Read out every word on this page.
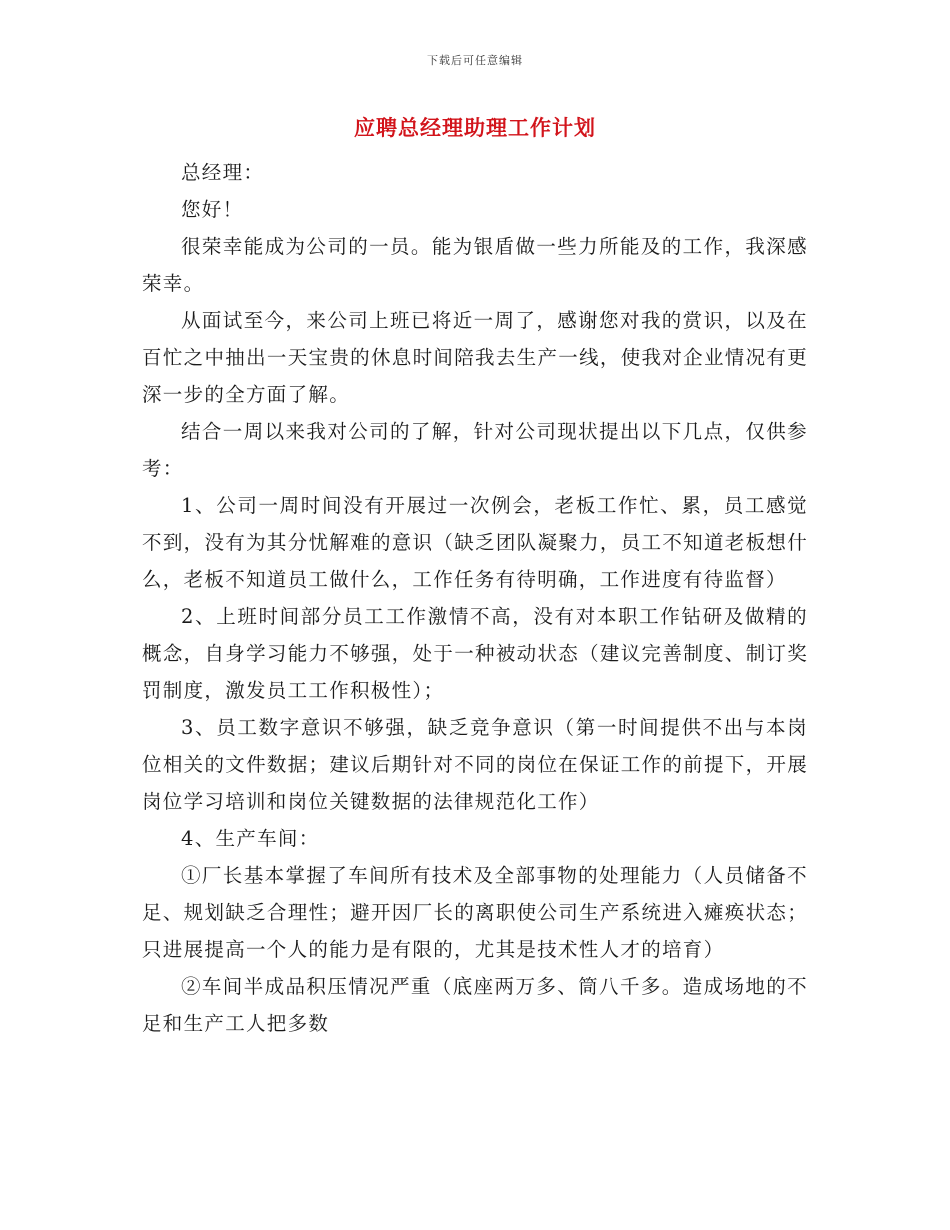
下载后可任意编辑
应聘总经理助理工作计划

总经理：

您好！

很荣幸能成为公司的一员。能为银盾做一些力所能及的工作，我深感荣幸。

从面试至今，来公司上班已将近一周了，感谢您对我的赏识，以及在百忙之中抽出一天宝贵的休息时间陪我去生产一线，使我对企业情况有更深一步的全方面了解。

结合一周以来我对公司的了解，针对公司现状提出以下几点，仅供参考：

1、公司一周时间没有开展过一次例会，老板工作忙、累，员工感觉不到，没有为其分忧解难的意识（缺乏团队凝聚力，员工不知道老板想什么，老板不知道员工做什么，工作任务有待明确，工作进度有待监督）

2、上班时间部分员工工作激情不高，没有对本职工作钻研及做精的概念，自身学习能力不够强，处于一种被动状态（建议完善制度、制订奖罚制度，激发员工工作积极性）；

3、员工数字意识不够强，缺乏竞争意识（第一时间提供不出与本岗位相关的文件数据；建议后期针对不同的岗位在保证工作的前提下，开展岗位学习培训和岗位关键数据的法律规范化工作）

4、生产车间：

①厂长基本掌握了车间所有技术及全部事物的处理能力（人员储备不足、规划缺乏合理性；避开因厂长的离职使公司生产系统进入瘫痪状态；只进展提高一个人的能力是有限的，尤其是技术性人才的培育）

②车间半成品积压情况严重（底座两万多、筒八千多。造成场地的不足和生产工人把多数
